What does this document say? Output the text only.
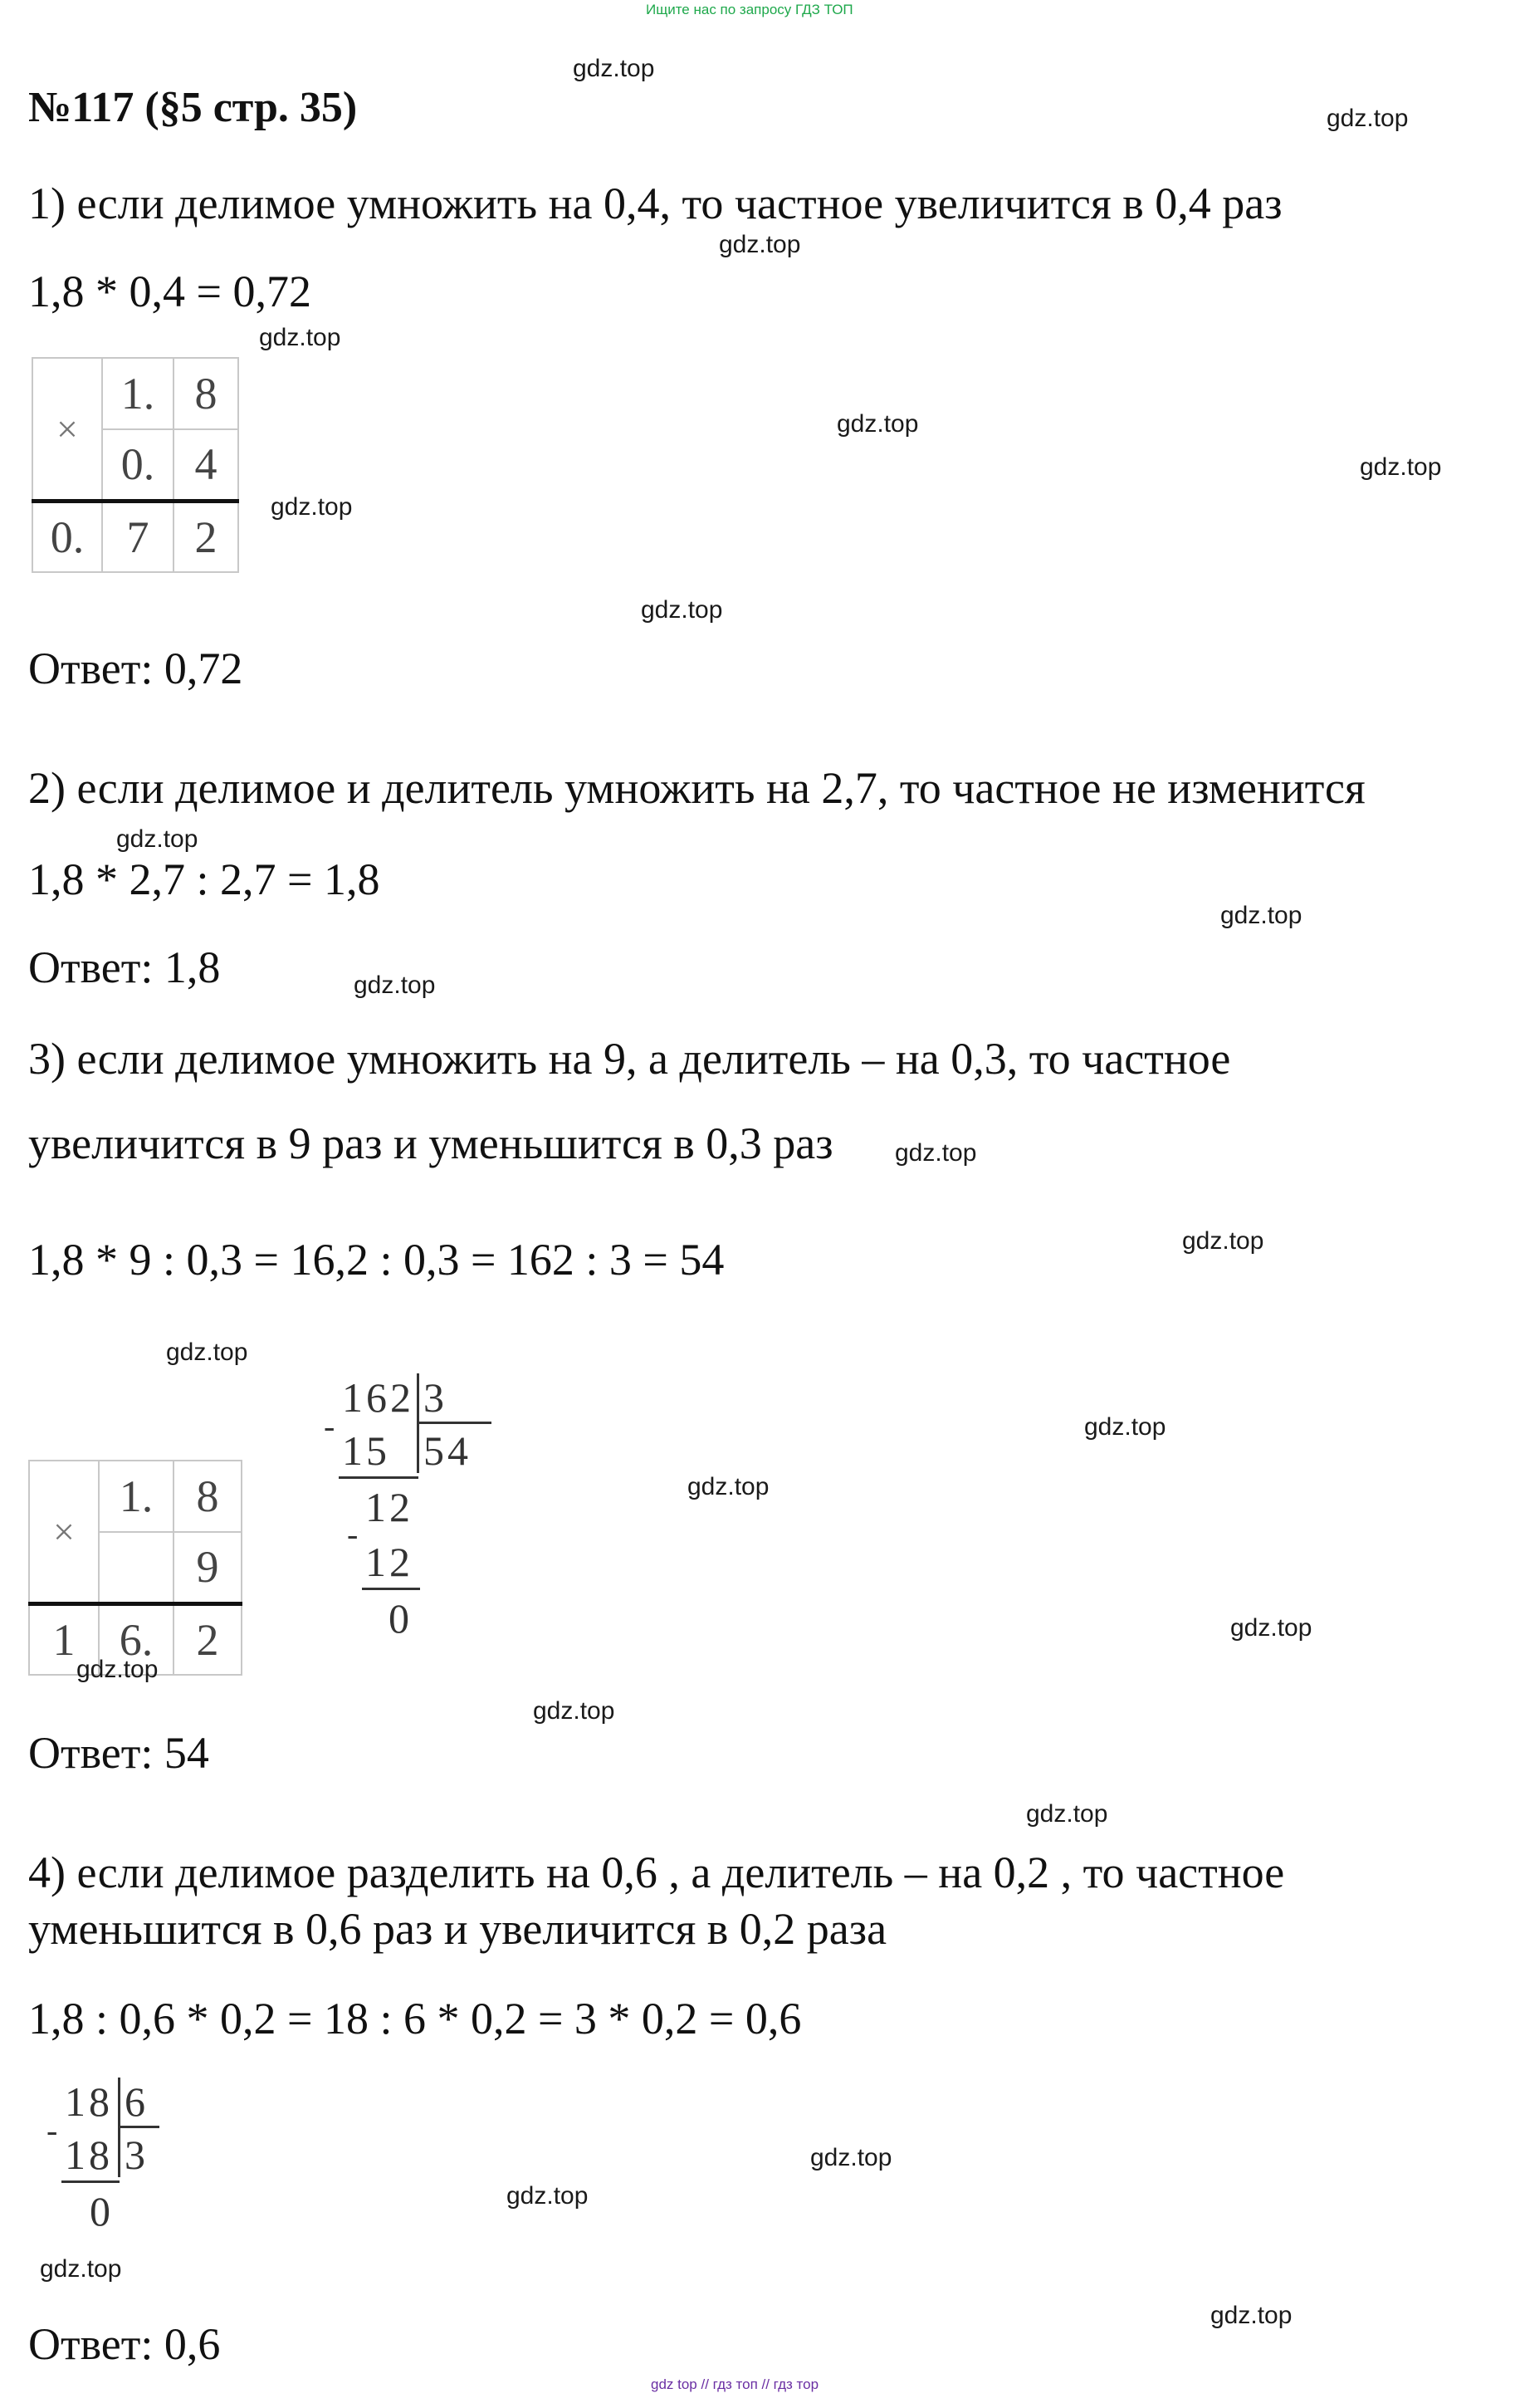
Ищите нас по запросу ГДЗ ТОП
gdz top // гдз топ // гдз тор
№117 (§5 стр. 35)
1) если делимое умножить на 0,4, то частное увеличится в 0,4 раз
1,8 * 0,4 = 0,72
×	1.	8
	0.	4
0.	7	2
Ответ: 0,72
2) если делимое и делитель умножить на 2,7, то частное не изменится
1,8 * 2,7 : 2,7 = 1,8
Ответ: 1,8
3) если делимое умножить на 9, а делитель – на 0,3, то частное
увеличится в 9 раз и уменьшится в 0,3 раз
1,8 * 9 : 0,3 = 16,2 : 0,3 = 162 : 3 = 54
×	1.	8
		9
1	6.	2
-
162 3
15 54
12
-
12
0
Ответ: 54
4) если делимое разделить на 0,6 , а делитель – на 0,2 , то частное
уменьшится в 0,6 раз и увеличится в 0,2 раза
1,8 : 0,6 * 0,2 = 18 : 6 * 0,2 = 3 * 0,2 = 0,6
-
18 6
18 3
0
Ответ: 0,6
gdz.top
gdz.top
gdz.top
gdz.top
gdz.top
gdz.top
gdz.top
gdz.top
gdz.top
gdz.top
gdz.top
gdz.top
gdz.top
gdz.top
gdz.top
gdz.top
gdz.top
gdz.top
gdz.top
gdz.top
gdz.top
gdz.top
gdz.top
gdz.top
